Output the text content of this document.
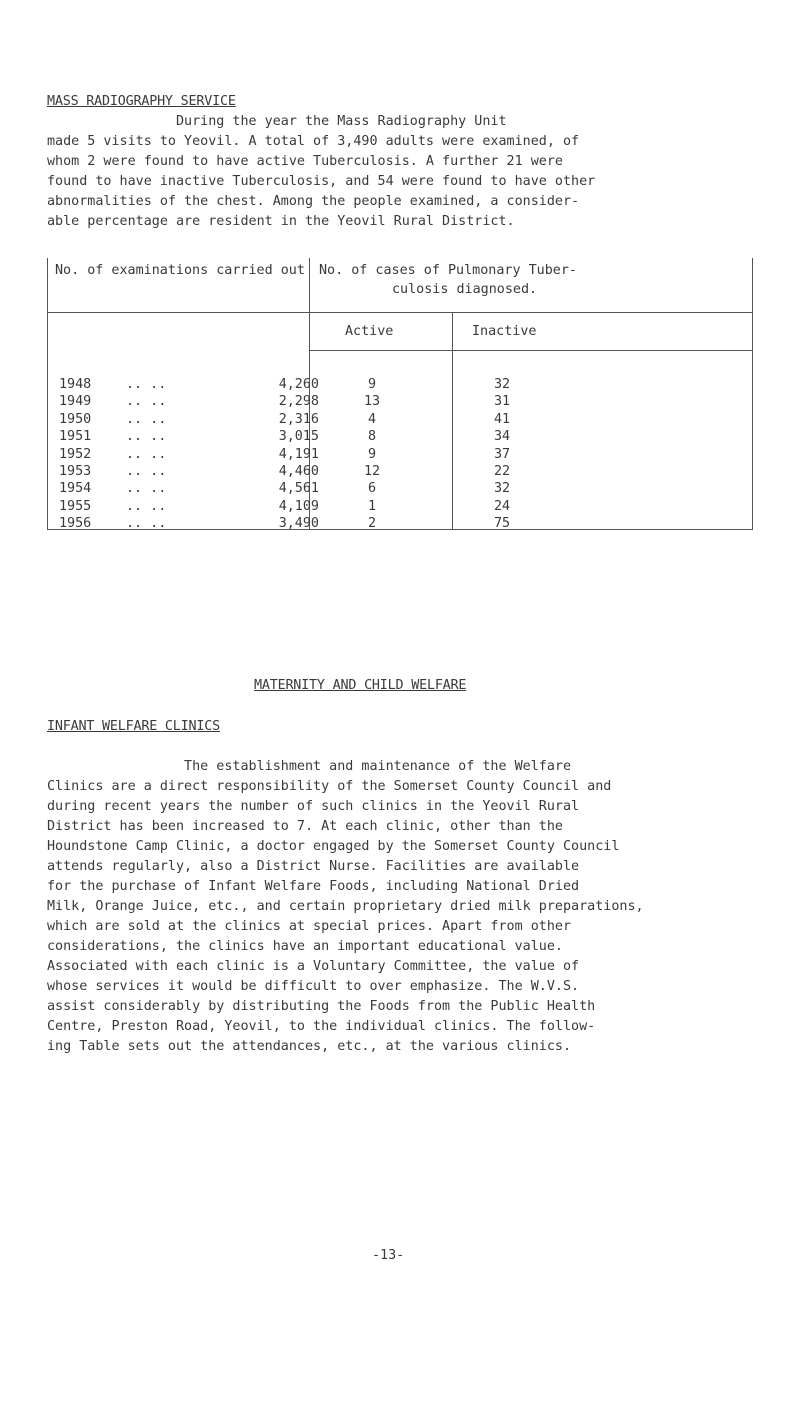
MASS RADIOGRAPHY SERVICE
During the year the Mass Radiography Unit
made 5 visits to Yeovil. A total of 3,490 adults were examined, of
whom 2 were found to have active Tuberculosis. A further 21 were
found to have inactive Tuberculosis, and 54 were found to have other
abnormalities of the chest. Among the people examined, a consider-
able percentage are resident in the Yeovil Rural District.
No. of examinations carried out No. of cases of Pulmonary Tuber-
culosis diagnosed.
Active	Inactive
1948	.. ..	4,260	9	32
1949	.. ..	2,298	13	31
1950	.. ..	2,316	4	41
1951	.. ..	3,015	8	34
1952	.. ..	4,191	9	37
1953	.. ..	4,460	12	22
1954	.. ..	4,561	6	32
1955	.. ..	4,109	1	24
1956	.. ..	3,490	2	75
MATERNITY AND CHILD WELFARE
INFANT WELFARE CLINICS
The establishment and maintenance of the Welfare
Clinics are a direct responsibility of the Somerset County Council and
during recent years the number of such clinics in the Yeovil Rural
District has been increased to 7. At each clinic, other than the
Houndstone Camp Clinic, a doctor engaged by the Somerset County Council
attends regularly, also a District Nurse. Facilities are available
for the purchase of Infant Welfare Foods, including National Dried
Milk, Orange Juice, etc., and certain proprietary dried milk preparations,
which are sold at the clinics at special prices. Apart from other
considerations, the clinics have an important educational value.
Associated with each clinic is a Voluntary Committee, the value of
whose services it would be difficult to over emphasize. The W.V.S.
assist considerably by distributing the Foods from the Public Health
Centre, Preston Road, Yeovil, to the individual clinics. The follow-
ing Table sets out the attendances, etc., at the various clinics.
-13-
